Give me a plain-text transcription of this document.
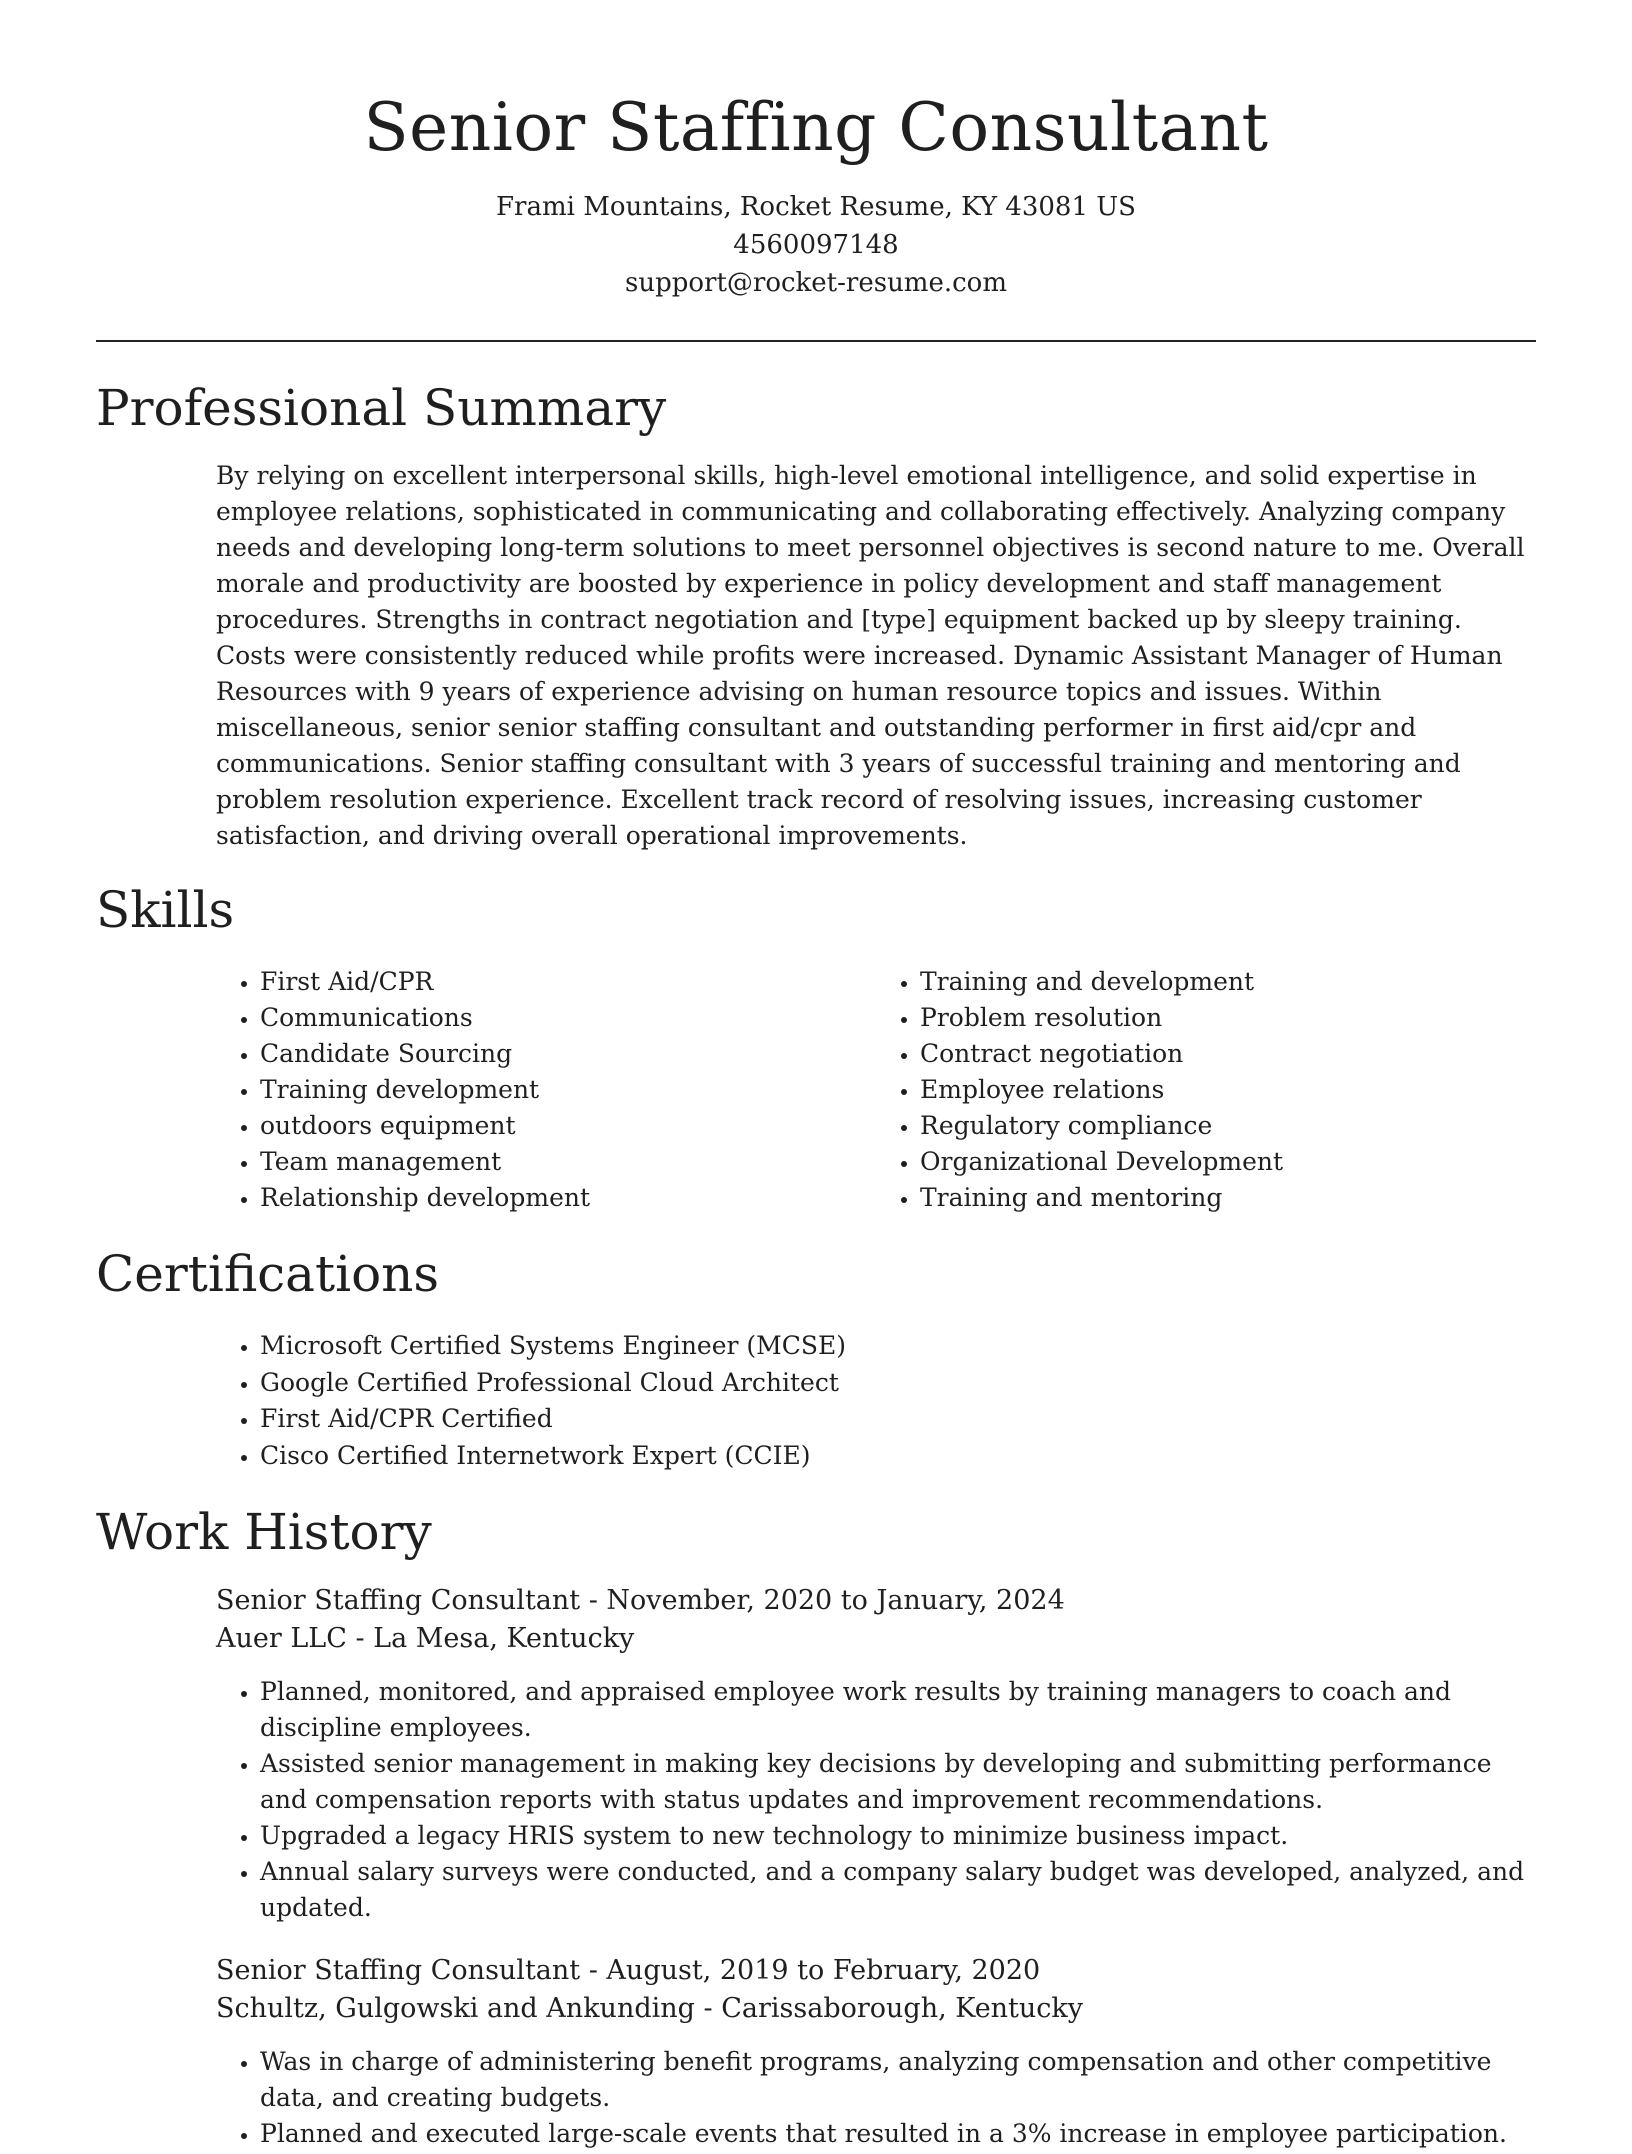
Senior Staffing Consultant
Frami Mountains, Rocket Resume, KY 43081 US
4560097148
support@rocket-resume.com
Professional Summary

By relying on excellent interpersonal skills, high-level emotional intelligence, and solid expertise in employee relations, sophisticated in communicating and collaborating effectively. Analyzing company needs and developing long-term solutions to meet personnel objectives is second nature to me. Overall morale and productivity are boosted by experience in policy development and staff management procedures. Strengths in contract negotiation and [type] equipment backed up by sleepy training. Costs were consistently reduced while profits were increased. Dynamic Assistant Manager of Human Resources with 9 years of experience advising on human resource topics and issues. Within miscellaneous, senior senior staffing consultant and outstanding performer in first aid/cpr and communications. Senior staffing consultant with 3 years of successful training and mentoring and problem resolution experience. Excellent track record of resolving issues, increasing customer satisfaction, and driving overall operational improvements.

Skills
• First Aid/CPR
• Communications
• Candidate Sourcing
• Training development
• outdoors equipment
• Team management
• Relationship development
• Training and development
• Problem resolution
• Contract negotiation
• Employee relations
• Regulatory compliance
• Organizational Development
• Training and mentoring
Certifications
• Microsoft Certified Systems Engineer (MCSE)
• Google Certified Professional Cloud Architect
• First Aid/CPR Certified
• Cisco Certified Internetwork Expert (CCIE)
Work History
Senior Staffing Consultant - November, 2020 to January, 2024
Auer LLC - La Mesa, Kentucky
• Planned, monitored, and appraised employee work results by training managers to coach and discipline employees.
• Assisted senior management in making key decisions by developing and submitting performance and compensation reports with status updates and improvement recommendations.
• Upgraded a legacy HRIS system to new technology to minimize business impact.
• Annual salary surveys were conducted, and a company salary budget was developed, analyzed, and updated.
Senior Staffing Consultant - August, 2019 to February, 2020
Schultz, Gulgowski and Ankunding - Carissaborough, Kentucky
• Was in charge of administering benefit programs, analyzing compensation and other competitive data, and creating budgets.
• Planned and executed large-scale events that resulted in a 3% increase in employee participation.
